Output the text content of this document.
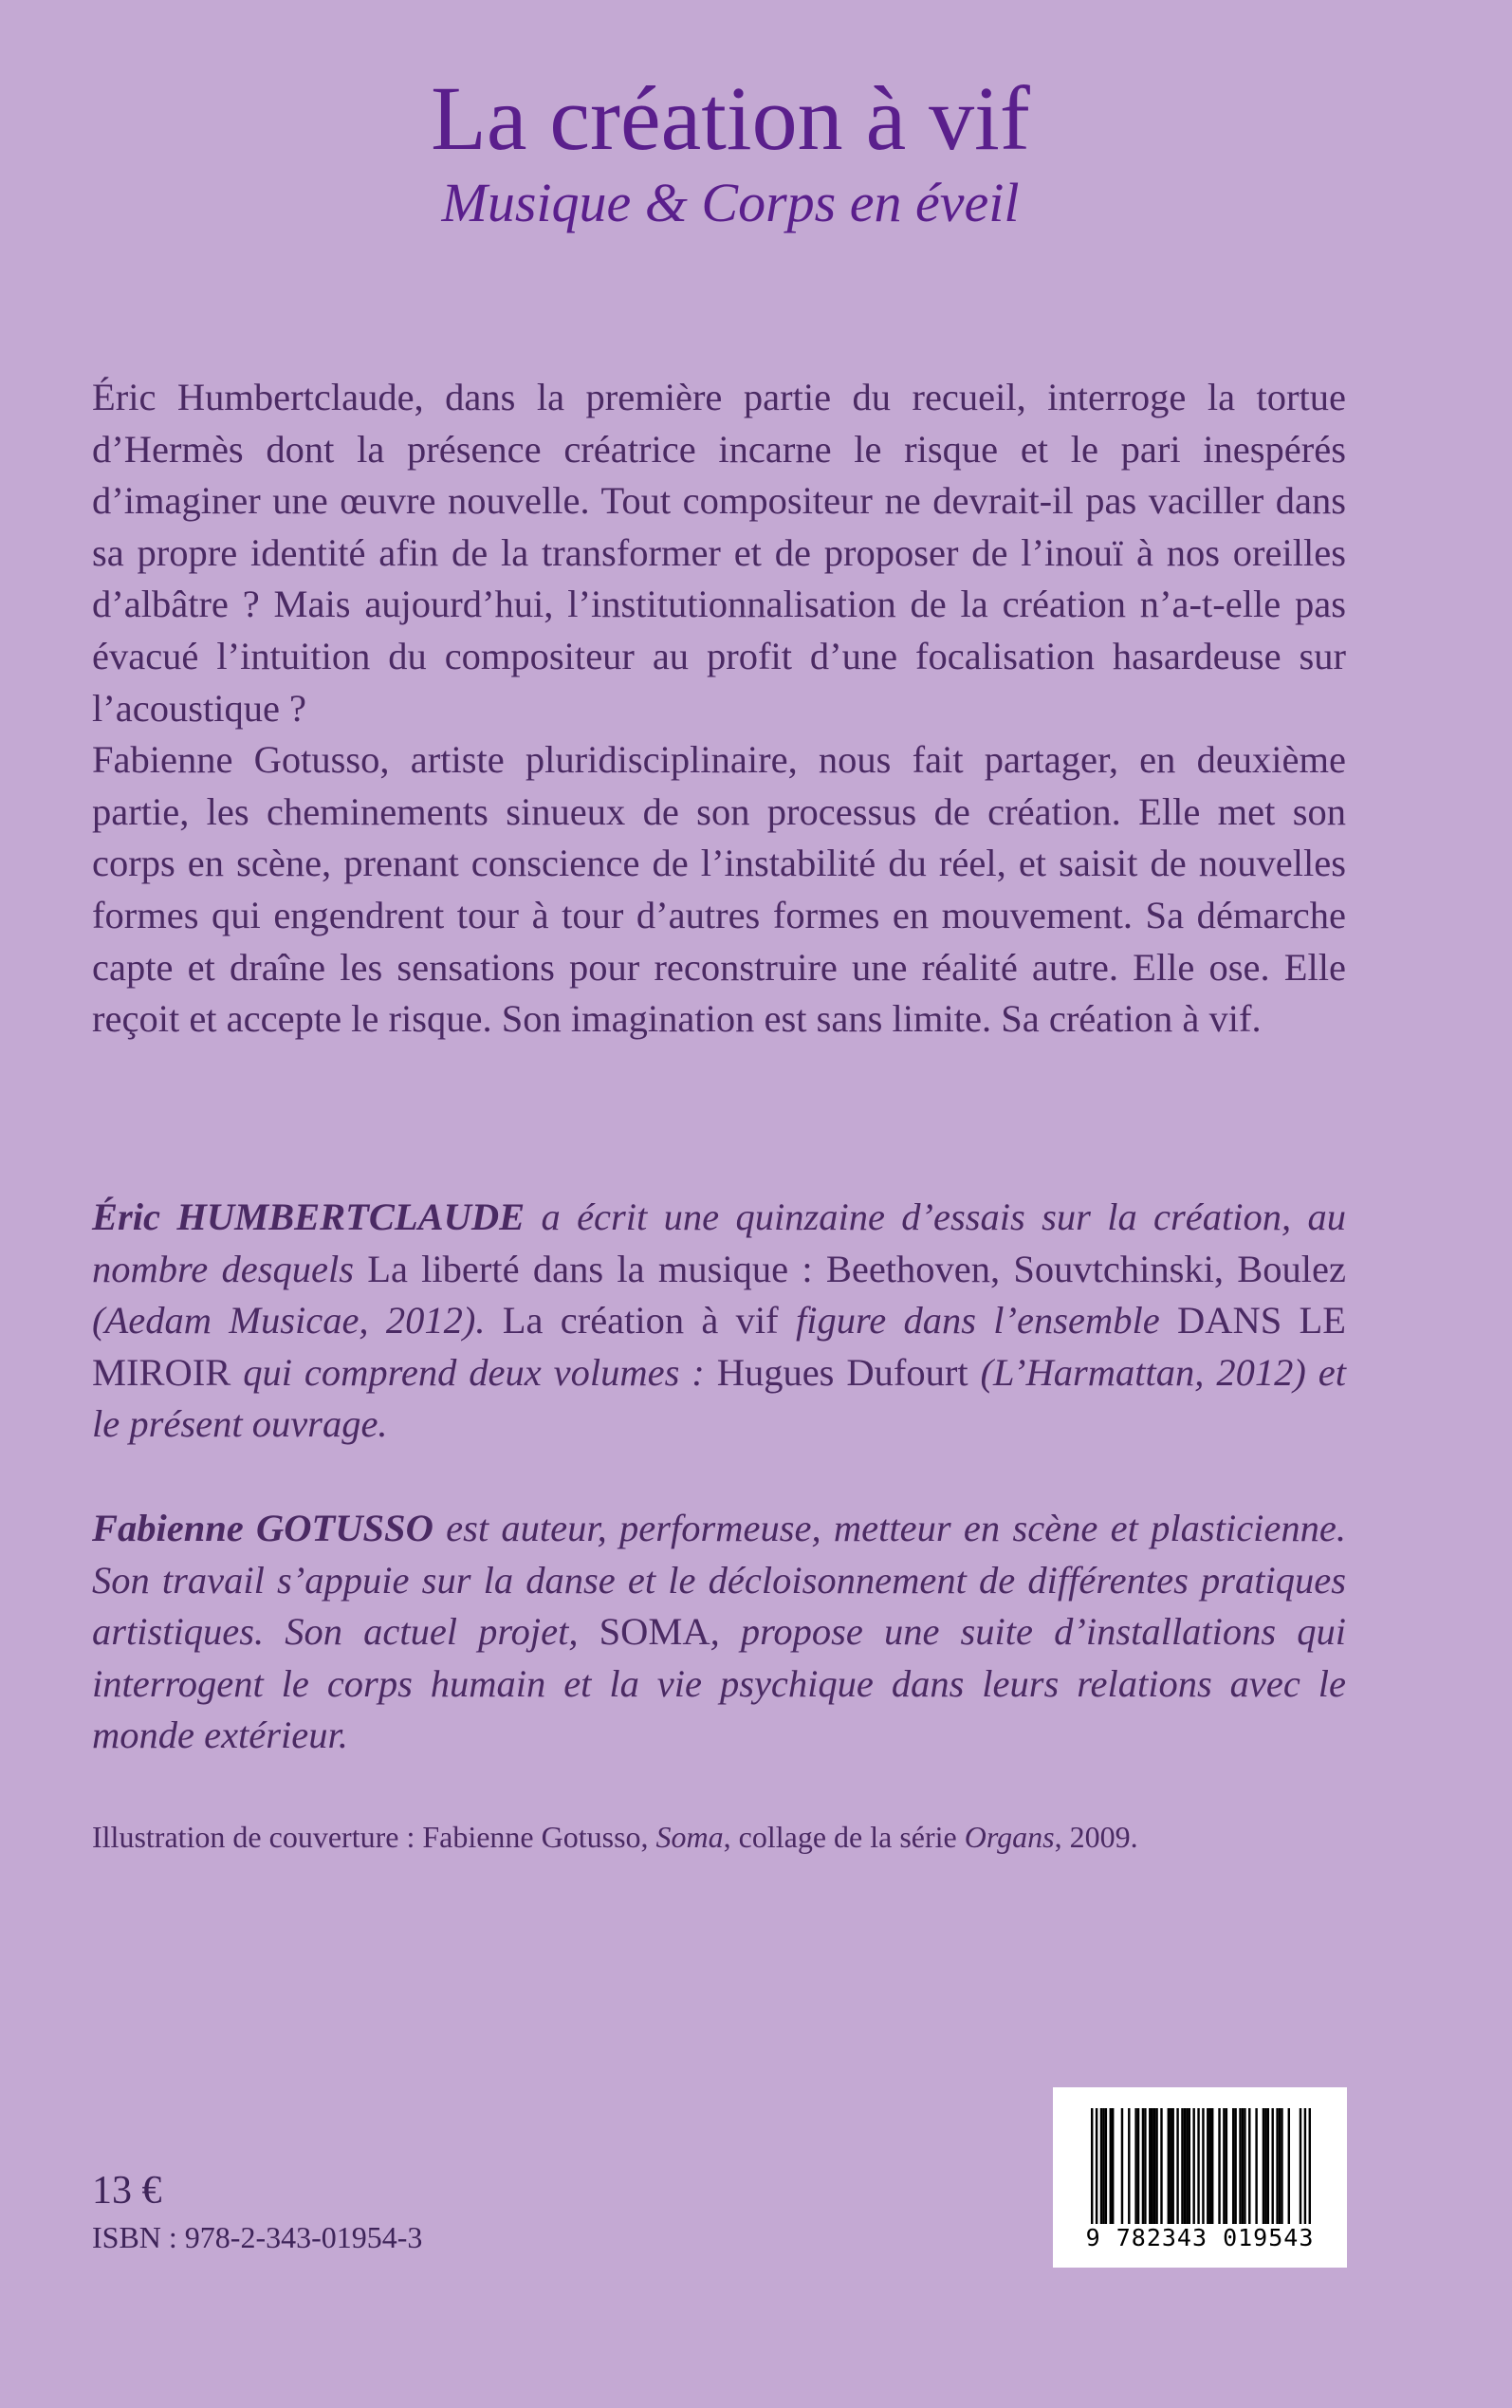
La création à vif
Musique & Corps en éveil

Éric Humbertclaude, dans la première partie du recueil, interroge la tortue d’Hermès dont la présence créatrice incarne le risque et le pari inespérés d’imaginer une œuvre nouvelle. Tout compositeur ne devrait-il pas vaciller dans sa propre identité afin de la transformer et de proposer de l’inouï à nos oreilles d’albâtre ? Mais aujourd’hui, l’institutionnalisation de la création n’a-t-elle pas évacué l’intuition du compositeur au profit d’une focalisation hasardeuse sur l’acoustique ?

Fabienne Gotusso, artiste pluridisciplinaire, nous fait partager, en deuxième partie, les cheminements sinueux de son processus de création. Elle met son corps en scène, prenant conscience de l’instabilité du réel, et saisit de nouvelles formes qui engendrent tour à tour d’autres formes en mouvement. Sa démarche capte et draîne les sensations pour reconstruire une réalité autre. Elle ose. Elle reçoit et accepte le risque. Son imagination est sans limite. Sa création à vif.

Éric HUMBERTCLAUDE a écrit une quinzaine d’essais sur la création, au nombre desquels La liberté dans la musique : Beethoven, Souvtchinski, Boulez (Aedam Musicae, 2012). La création à vif figure dans l’ensemble DANS LE MIROIR qui comprend deux volumes : Hugues Dufourt (L’Harmattan, 2012) et le présent ouvrage.

Fabienne GOTUSSO est auteur, performeuse, metteur en scène et plasticienne. Son travail s’appuie sur la danse et le décloisonnement de différentes pratiques artistiques. Son actuel projet, SOMA, propose une suite d’installations qui interrogent le corps humain et la vie psychique dans leurs relations avec le monde extérieur.

Illustration de couverture : Fabienne Gotusso, Soma, collage de la série Organs, 2009.
13 €
ISBN : 978-2-343-01954-3	9 782343 019543
